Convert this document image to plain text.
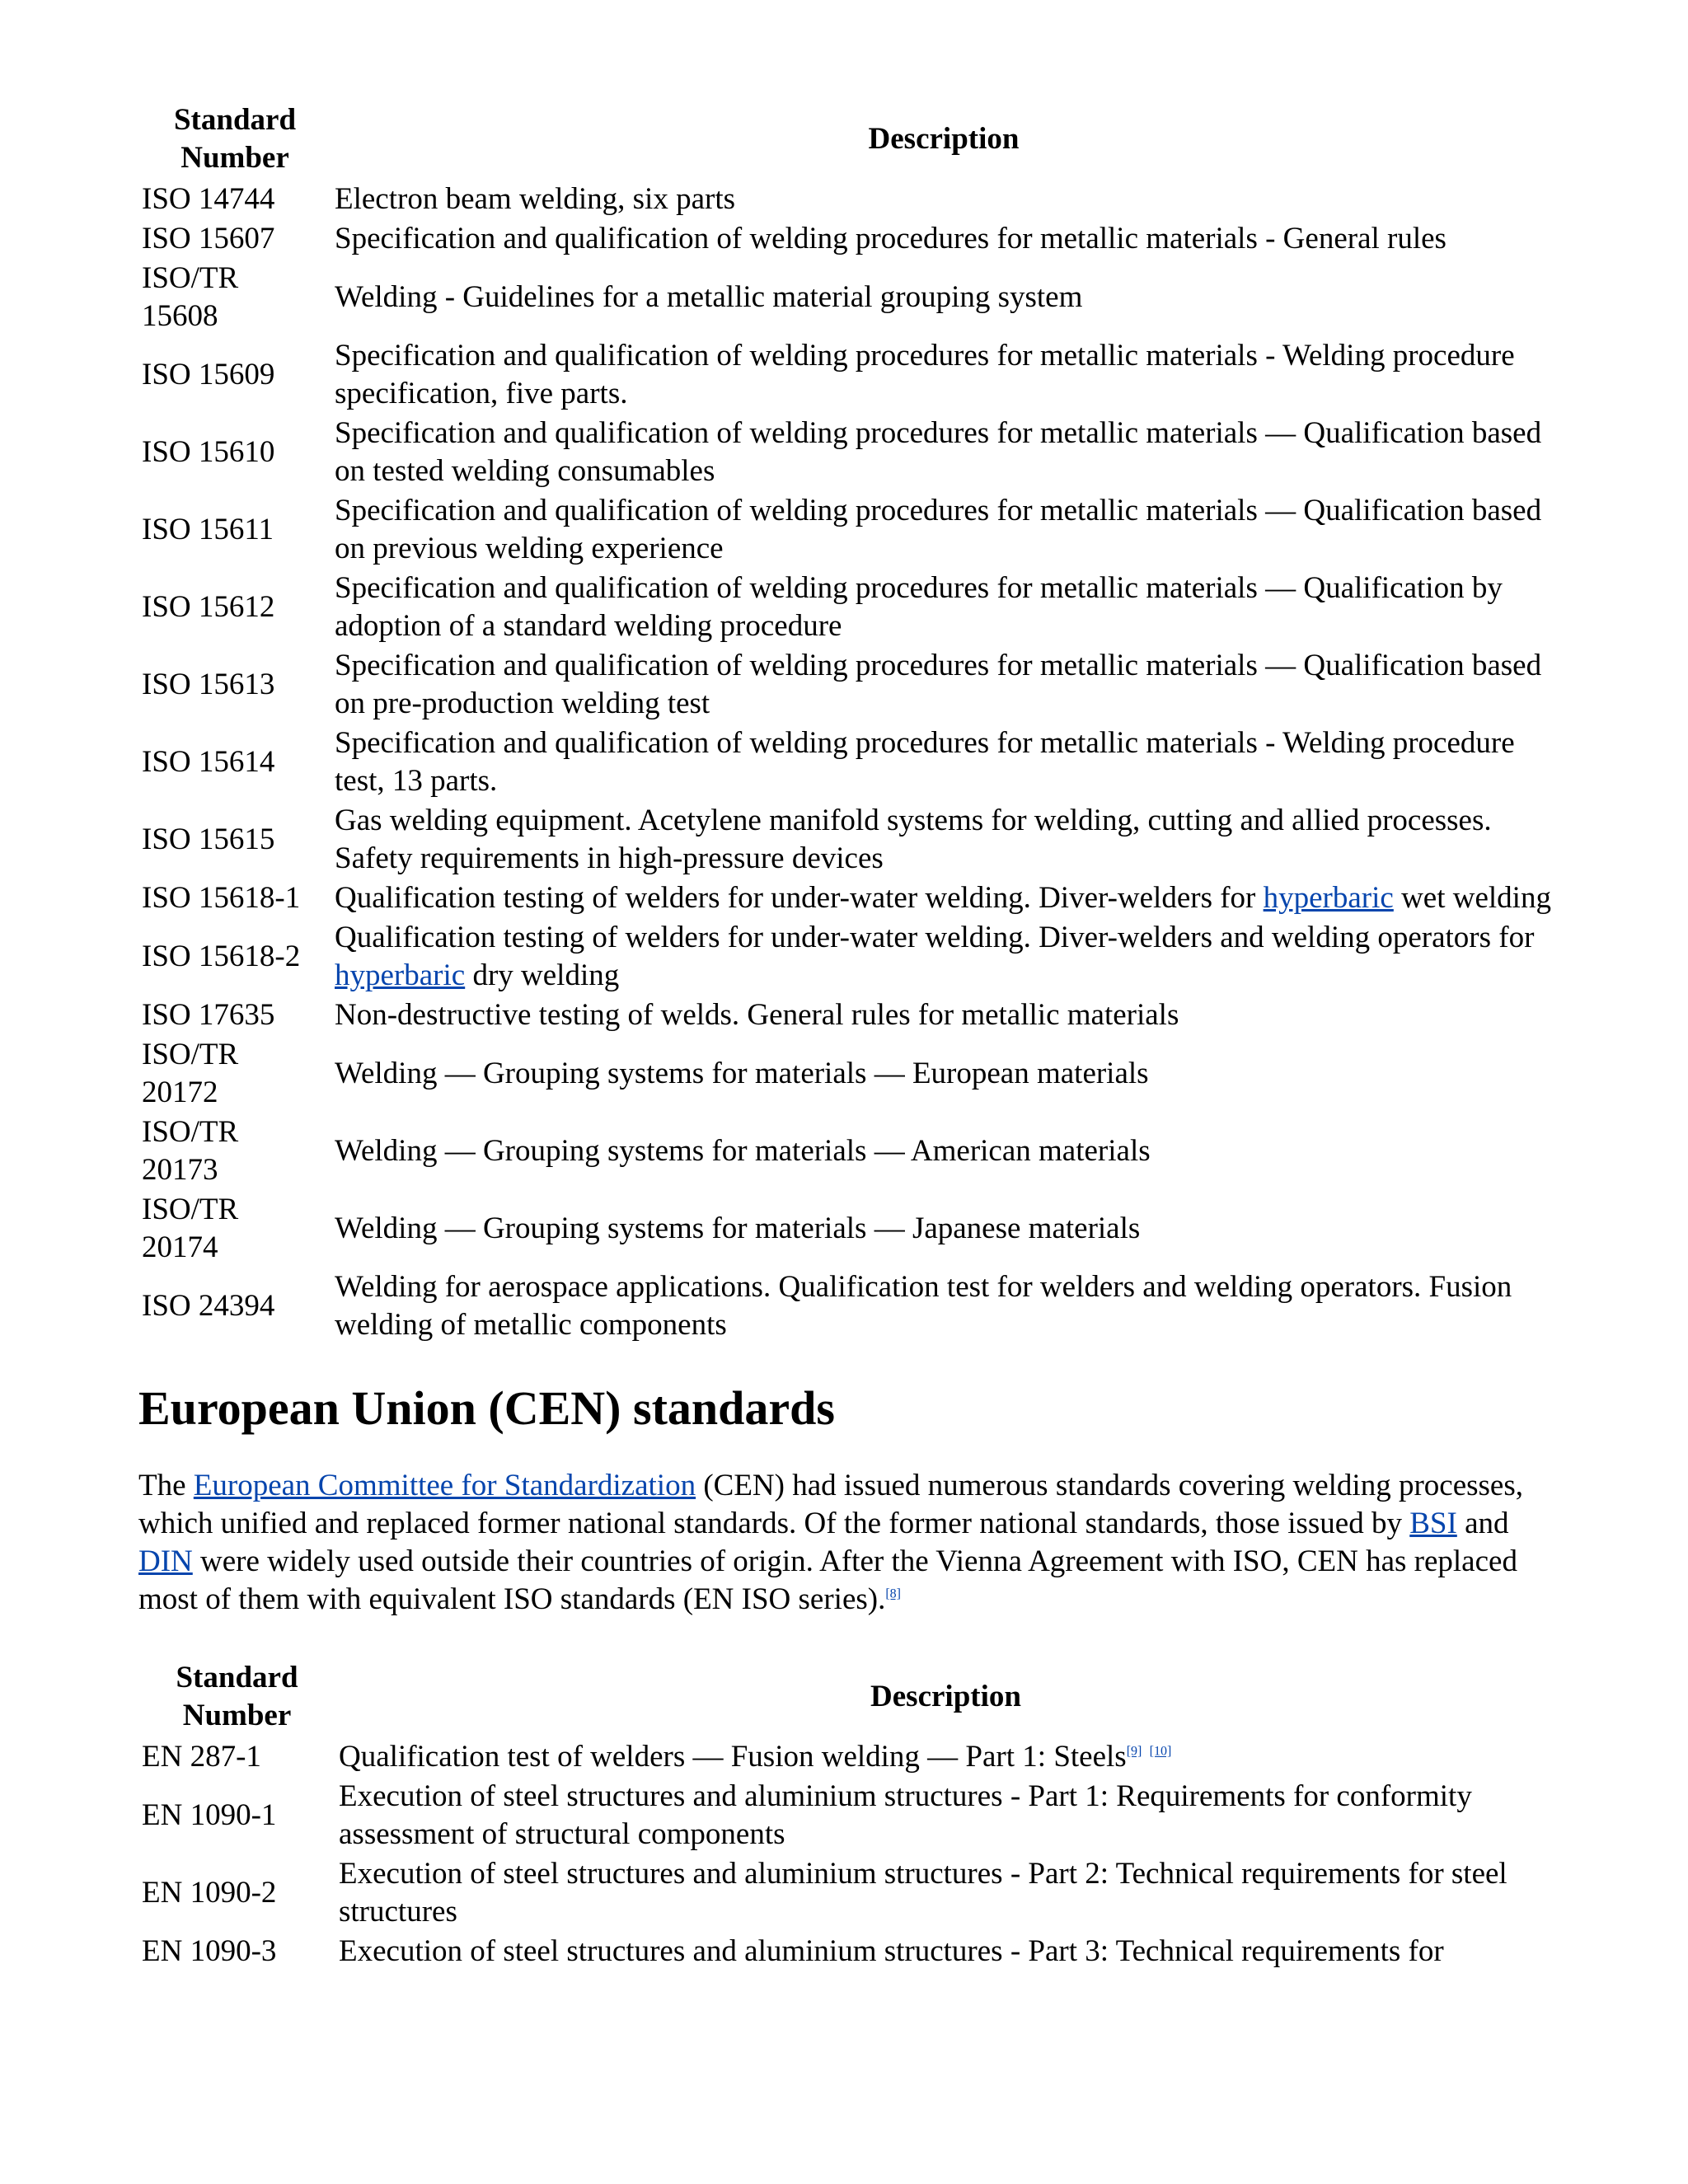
Standard Number	Description
ISO 14744	Electron beam welding, six parts
ISO 15607	Specification and qualification of welding procedures for metallic materials - General rules
ISO/TR 15608	Welding - Guidelines for a metallic material grouping system
ISO 15609	Specification and qualification of welding procedures for metallic materials - Welding procedure specification, five parts.
ISO 15610	Specification and qualification of welding procedures for metallic materials — Qualification based on tested welding consumables
ISO 15611	Specification and qualification of welding procedures for metallic materials — Qualification based on previous welding experience
ISO 15612	Specification and qualification of welding procedures for metallic materials — Qualification by adoption of a standard welding procedure
ISO 15613	Specification and qualification of welding procedures for metallic materials — Qualification based on pre-production welding test
ISO 15614	Specification and qualification of welding procedures for metallic materials - Welding procedure test, 13 parts.
ISO 15615	Gas welding equipment. Acetylene manifold systems for welding, cutting and allied processes. Safety requirements in high-pressure devices
ISO 15618-1	Qualification testing of welders for under-water welding. Diver-welders for hyperbaric wet welding
ISO 15618-2	Qualification testing of welders for under-water welding. Diver-welders and welding operators for hyperbaric dry welding
ISO 17635	Non-destructive testing of welds. General rules for metallic materials
ISO/TR 20172	Welding — Grouping systems for materials — European materials
ISO/TR 20173	Welding — Grouping systems for materials — American materials
ISO/TR 20174	Welding — Grouping systems for materials — Japanese materials
ISO 24394	Welding for aerospace applications. Qualification test for welders and welding operators. Fusion welding of metallic components
European Union (CEN) standards

The European Committee for Standardization (CEN) had issued numerous standards covering welding processes, which unified and replaced former national standards. Of the former national standards, those issued by BSI and DIN were widely used outside their countries of origin. After the Vienna Agreement with ISO, CEN has replaced most of them with equivalent ISO standards (EN ISO series).[8]

Standard Number	Description
EN 287-1	Qualification test of welders — Fusion welding — Part 1: Steels[9] [10]
EN 1090-1	Execution of steel structures and aluminium structures - Part 1: Requirements for conformity assessment of structural components
EN 1090-2	Execution of steel structures and aluminium structures - Part 2: Technical requirements for steel structures
EN 1090-3	Execution of steel structures and aluminium structures - Part 3: Technical requirements for
